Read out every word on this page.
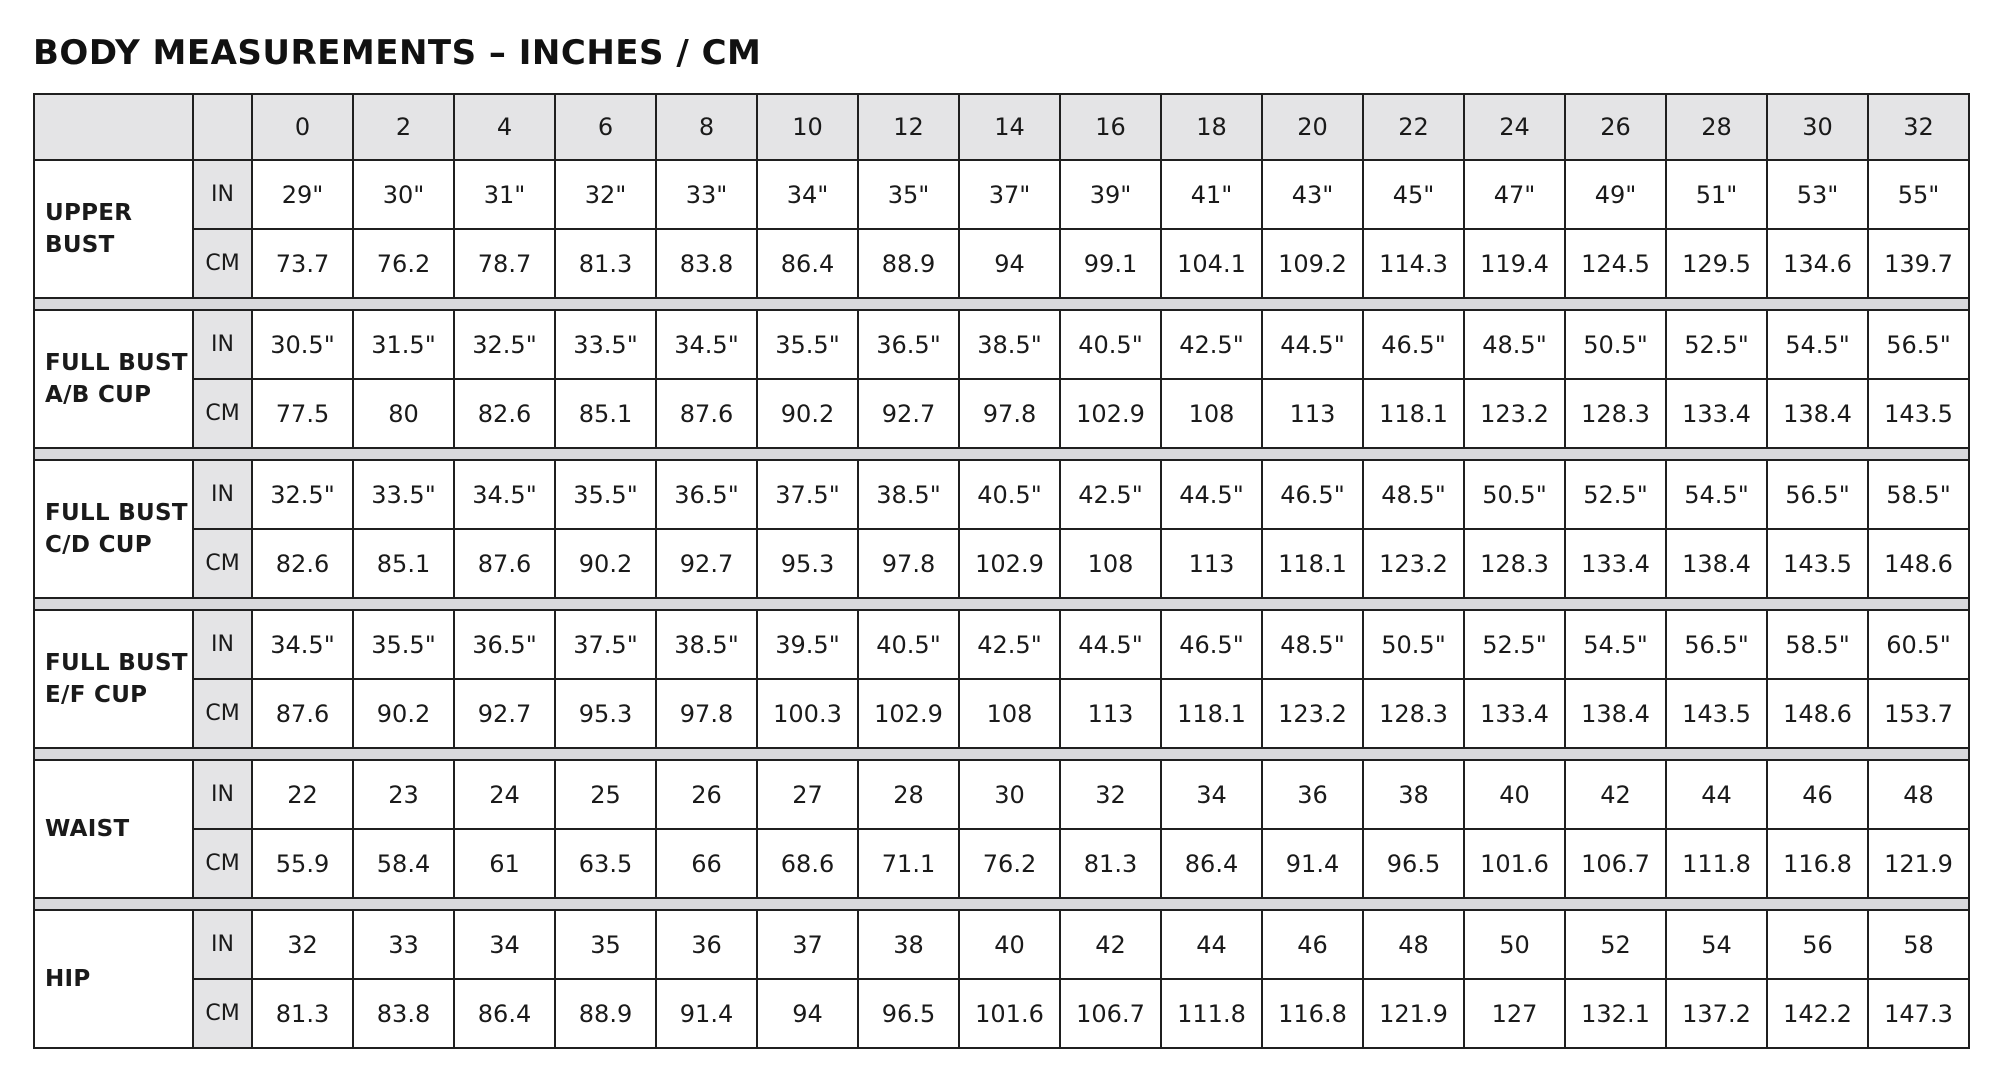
BODY MEASUREMENTS – INCHES / CM
		0	2	4	6	8	10	12	14	16	18	20	22	24	26	28	30	32
UPPER
BUST	IN	29"	30"	31"	32"	33"	34"	35"	37"	39"	41"	43"	45"	47"	49"	51"	53"	55"
	CM	73.7	76.2	78.7	81.3	83.8	86.4	88.9	94	99.1	104.1	109.2	114.3	119.4	124.5	129.5	134.6	139.7

FULL BUST
A/B CUP	IN	30.5"	31.5"	32.5"	33.5"	34.5"	35.5"	36.5"	38.5"	40.5"	42.5"	44.5"	46.5"	48.5"	50.5"	52.5"	54.5"	56.5"
	CM	77.5	80	82.6	85.1	87.6	90.2	92.7	97.8	102.9	108	113	118.1	123.2	128.3	133.4	138.4	143.5

FULL BUST
C/D CUP	IN	32.5"	33.5"	34.5"	35.5"	36.5"	37.5"	38.5"	40.5"	42.5"	44.5"	46.5"	48.5"	50.5"	52.5"	54.5"	56.5"	58.5"
	CM	82.6	85.1	87.6	90.2	92.7	95.3	97.8	102.9	108	113	118.1	123.2	128.3	133.4	138.4	143.5	148.6

FULL BUST
E/F CUP	IN	34.5"	35.5"	36.5"	37.5"	38.5"	39.5"	40.5"	42.5"	44.5"	46.5"	48.5"	50.5"	52.5"	54.5"	56.5"	58.5"	60.5"
	CM	87.6	90.2	92.7	95.3	97.8	100.3	102.9	108	113	118.1	123.2	128.3	133.4	138.4	143.5	148.6	153.7

WAIST	IN	22	23	24	25	26	27	28	30	32	34	36	38	40	42	44	46	48
	CM	55.9	58.4	61	63.5	66	68.6	71.1	76.2	81.3	86.4	91.4	96.5	101.6	106.7	111.8	116.8	121.9

HIP	IN	32	33	34	35	36	37	38	40	42	44	46	48	50	52	54	56	58
	CM	81.3	83.8	86.4	88.9	91.4	94	96.5	101.6	106.7	111.8	116.8	121.9	127	132.1	137.2	142.2	147.3
